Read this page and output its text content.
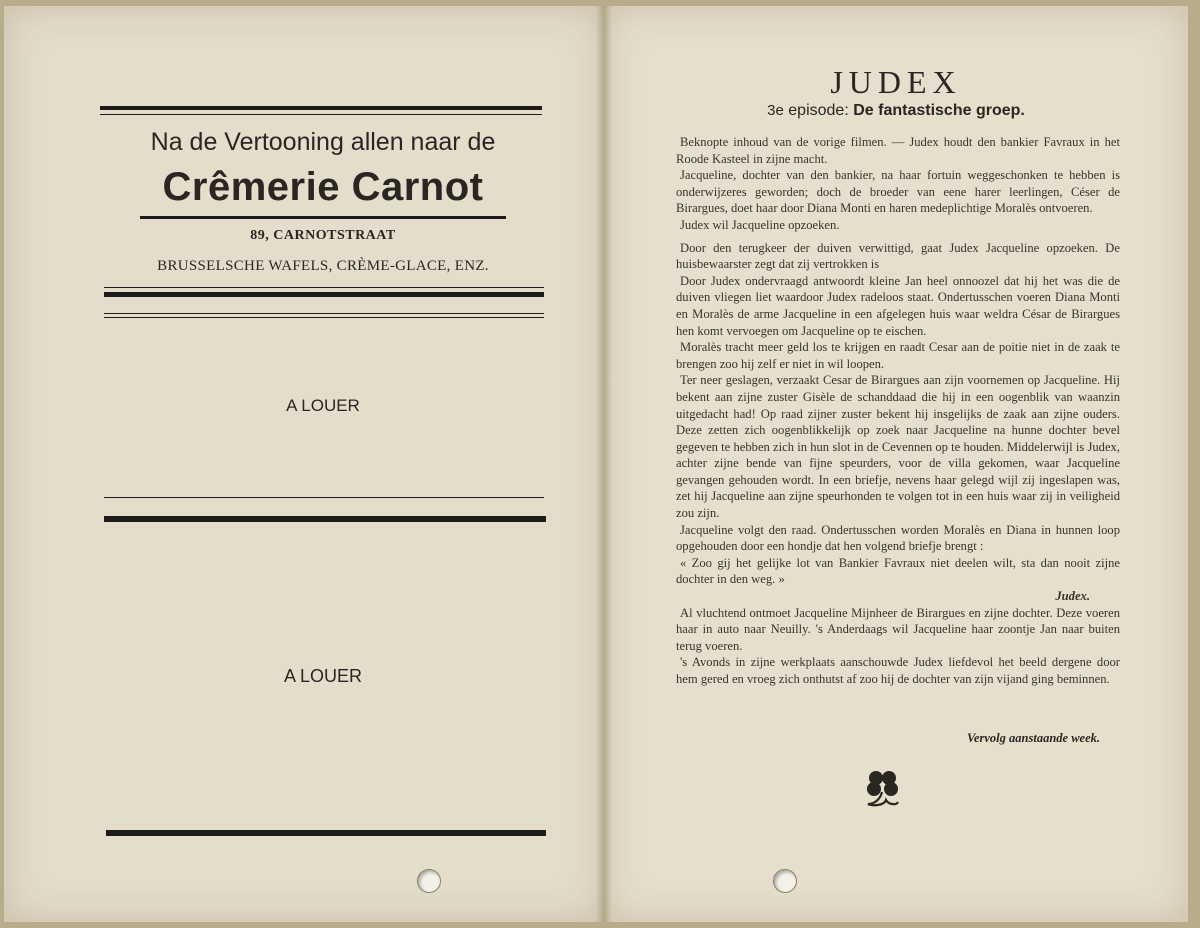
Na de Vertooning allen naar de
Crêmerie Carnot
89, CARNOTSTRAAT
BRUSSELSCHE WAFELS, CRÈME-GLACE, ENZ.
A LOUER
A LOUER
JUDEX
3e episode: De fantastische groep.

Beknopte inhoud van de vorige filmen. — Judex houdt den bankier Favraux in het Roode Kasteel in zijne macht.

Jacqueline, dochter van den bankier, na haar fortuin weggeschonken te hebben is onderwijzeres geworden; doch de broeder van eene harer leerlingen, Céser de Birargues, doet haar door Diana Monti en haren medeplichtige Moralès ontvoeren.

Judex wil Jacqueline opzoeken.

Door den terugkeer der duiven verwittigd, gaat Judex Jacqueline opzoeken. De huisbewaarster zegt dat zij vertrokken is

Door Judex ondervraagd antwoordt kleine Jan heel onnoozel dat hij het was die de duiven vliegen liet waardoor Judex radeloos staat. Ondertusschen voeren Diana Monti en Moralès de arme Jacqueline in een afgelegen huis waar weldra César de Birargues hen komt vervoegen om Jacqueline op te eischen.

Moralès tracht meer geld los te krijgen en raadt Cesar aan de poitie niet in de zaak te brengen zoo hij zelf er niet in wil loopen.

Ter neer geslagen, verzaakt Cesar de Birargues aan zijn voornemen op Jacqueline. Hij bekent aan zijne zuster Gisèle de schanddaad die hij in een oogenblik van waanzin uitgedacht had! Op raad zijner zuster bekent hij insgelijks de zaak aan zijne ouders. Deze zetten zich oogenblikkelijk op zoek naar Jacqueline na hunne dochter bevel gegeven te hebben zich in hun slot in de Cevennen op te houden. Middelerwijl is Judex, achter zijne bende van fijne speurders, voor de villa gekomen, waar Jacqueline gevangen gehouden wordt. In een briefje, nevens haar gelegd wijl zij ingeslapen was, zet hij Jacqueline aan zijne speurhonden te volgen tot in een huis waar zij in veiligheid zou zijn.

Jacqueline volgt den raad. Ondertusschen worden Moralès en Diana in hunnen loop opgehouden door een hondje dat hen volgend briefje brengt :

« Zoo gij het gelijke lot van Bankier Favraux niet deelen wilt, sta dan nooit zijne dochter in den weg. »

Judex.

Al vluchtend ontmoet Jacqueline Mijnheer de Birargues en zijne dochter. Deze voeren haar in auto naar Neuilly. 's Anderdaags wil Jacqueline haar zoontje Jan naar buiten terug voeren.

's Avonds in zijne werkplaats aanschouwde Judex liefdevol het beeld dergene door hem gered en vroeg zich onthutst af zoo hij de dochter van zijn vijand ging beminnen.

Vervolg aanstaande week.
